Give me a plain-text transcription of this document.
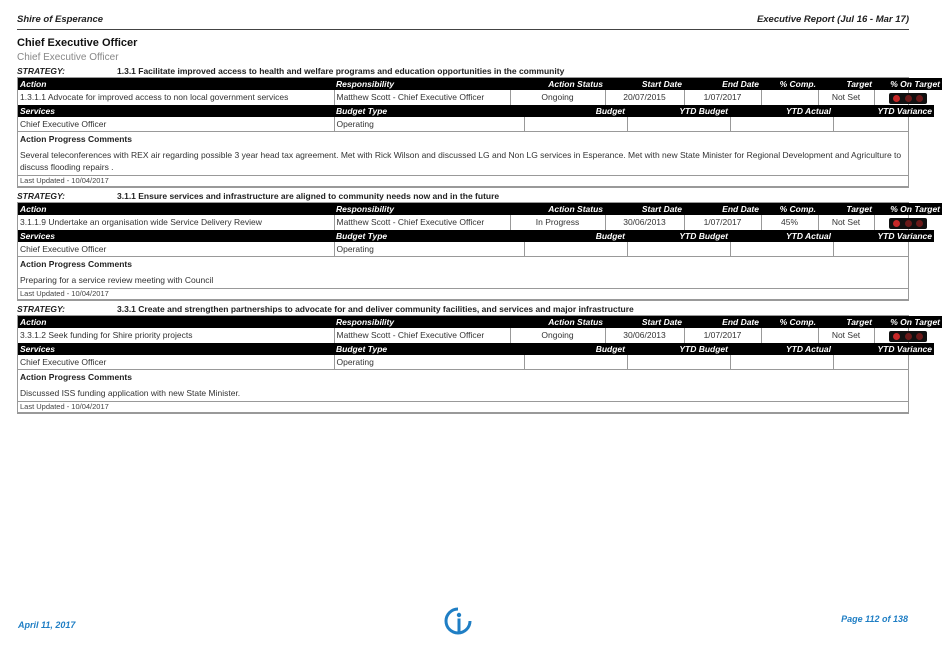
Shire of Esperance	Executive Report (Jul 16 - Mar 17)
Chief Executive Officer
Chief Executive Officer
STRATEGY:	1.3.1 Facilitate improved access to health and welfare programs and education opportunities in the community
Action	Responsibility	Action Status	Start Date	End Date	% Comp.	Target	% On Target
1.3.1.1 Advocate for improved access to non local government services	Matthew Scott - Chief Executive Officer	Ongoing	20/07/2015	1/07/2017		Not Set	
Services	Budget Type	Budget	YTD Budget	YTD Actual	YTD Variance
Chief Executive Officer	Operating				
Action Progress Comments
Several teleconferences with REX air regarding possible 3 year head tax agreement. Met with Rick Wilson and discussed LG and Non LG services in Esperance. Met with new State Minister for Regional Development and Agriculture to discuss flooding repairs .
Last Updated - 10/04/2017
STRATEGY:	3.1.1 Ensure services and infrastructure are aligned to community needs now and in the future
Action	Responsibility	Action Status	Start Date	End Date	% Comp.	Target	% On Target
3.1.1.9 Undertake an organisation wide Service Delivery Review	Matthew Scott - Chief Executive Officer	In Progress	30/06/2013	1/07/2017	45%	Not Set	
Services	Budget Type	Budget	YTD Budget	YTD Actual	YTD Variance
Chief Executive Officer	Operating				
Action Progress Comments
Preparing for a service review meeting with Council
Last Updated - 10/04/2017
STRATEGY:	3.3.1 Create and strengthen partnerships to advocate for and deliver community facilities, and services and major infrastructure
Action	Responsibility	Action Status	Start Date	End Date	% Comp.	Target	% On Target
3.3.1.2 Seek funding for Shire priority projects	Matthew Scott - Chief Executive Officer	Ongoing	30/06/2013	1/07/2017		Not Set	
Services	Budget Type	Budget	YTD Budget	YTD Actual	YTD Variance
Chief Executive Officer	Operating				
Action Progress Comments
Discussed ISS funding application with new State Minister.
Last Updated - 10/04/2017
April 11, 2017
Page 112 of 138
